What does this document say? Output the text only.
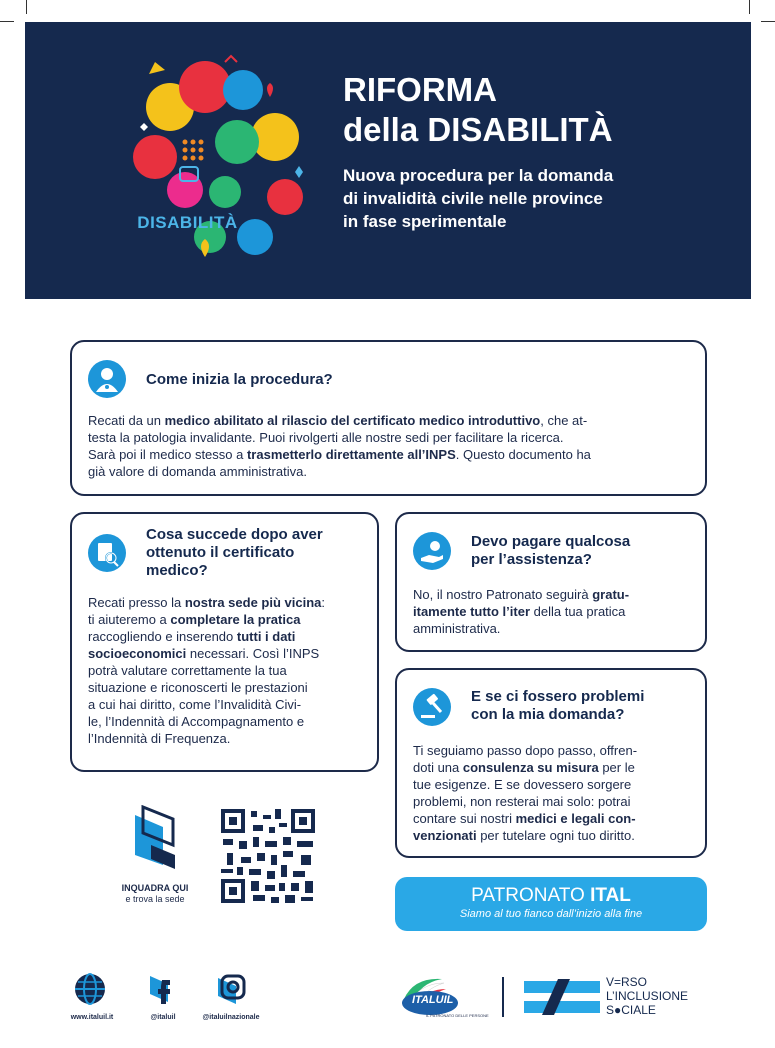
DISABILITÀ
RIFORMA
della DISABILITÀ
Nuova procedura per la domanda
di invalidità civile nelle province
in fase sperimentale
Come inizia la procedura?
Recati da un medico abilitato al rilascio del certificato medico introduttivo, che at-
testa la patologia invalidante. Puoi rivolgerti alle nostre sedi per facilitare la ricerca.
Sarà poi il medico stesso a trasmetterlo direttamente all’INPS. Questo documento ha
già valore di domanda amministrativa.
Cosa succede dopo aver
ottenuto il certificato
medico?
Recati presso la nostra sede più vicina:
ti aiuteremo a completare la pratica
raccogliendo e inserendo tutti i dati
socioeconomici necessari. Così l’INPS
potrà valutare correttamente la tua
situazione e riconoscerti le prestazioni
a cui hai diritto, come l’Invalidità Civi-
le, l’Indennità di Accompagnamento e
l’Indennità di Frequenza.
Devo pagare qualcosa
per l’assistenza?
No, il nostro Patronato seguirà gratu-
itamente tutto l’iter della tua pratica
amministrativa.
E se ci fossero problemi
con la mia domanda?
Ti seguiamo passo dopo passo, offren-
doti una consulenza su misura per le
tue esigenze. E se dovessero sorgere
problemi, non resterai mai solo: potrai
contare sui nostri medici e legali con-
venzionati per tutelare ogni tuo diritto.
INQUADRA QUI
e trova la sede	PATRONATO ITAL
Siamo al tuo fianco dall’inizio alla fine
www.italuil.it	@italuil	@italuilnazionale
ITALUIL
IL PATRONATO DELLE PERSONE
V=RSO
L’INCLUSIONE
S●CIALE
